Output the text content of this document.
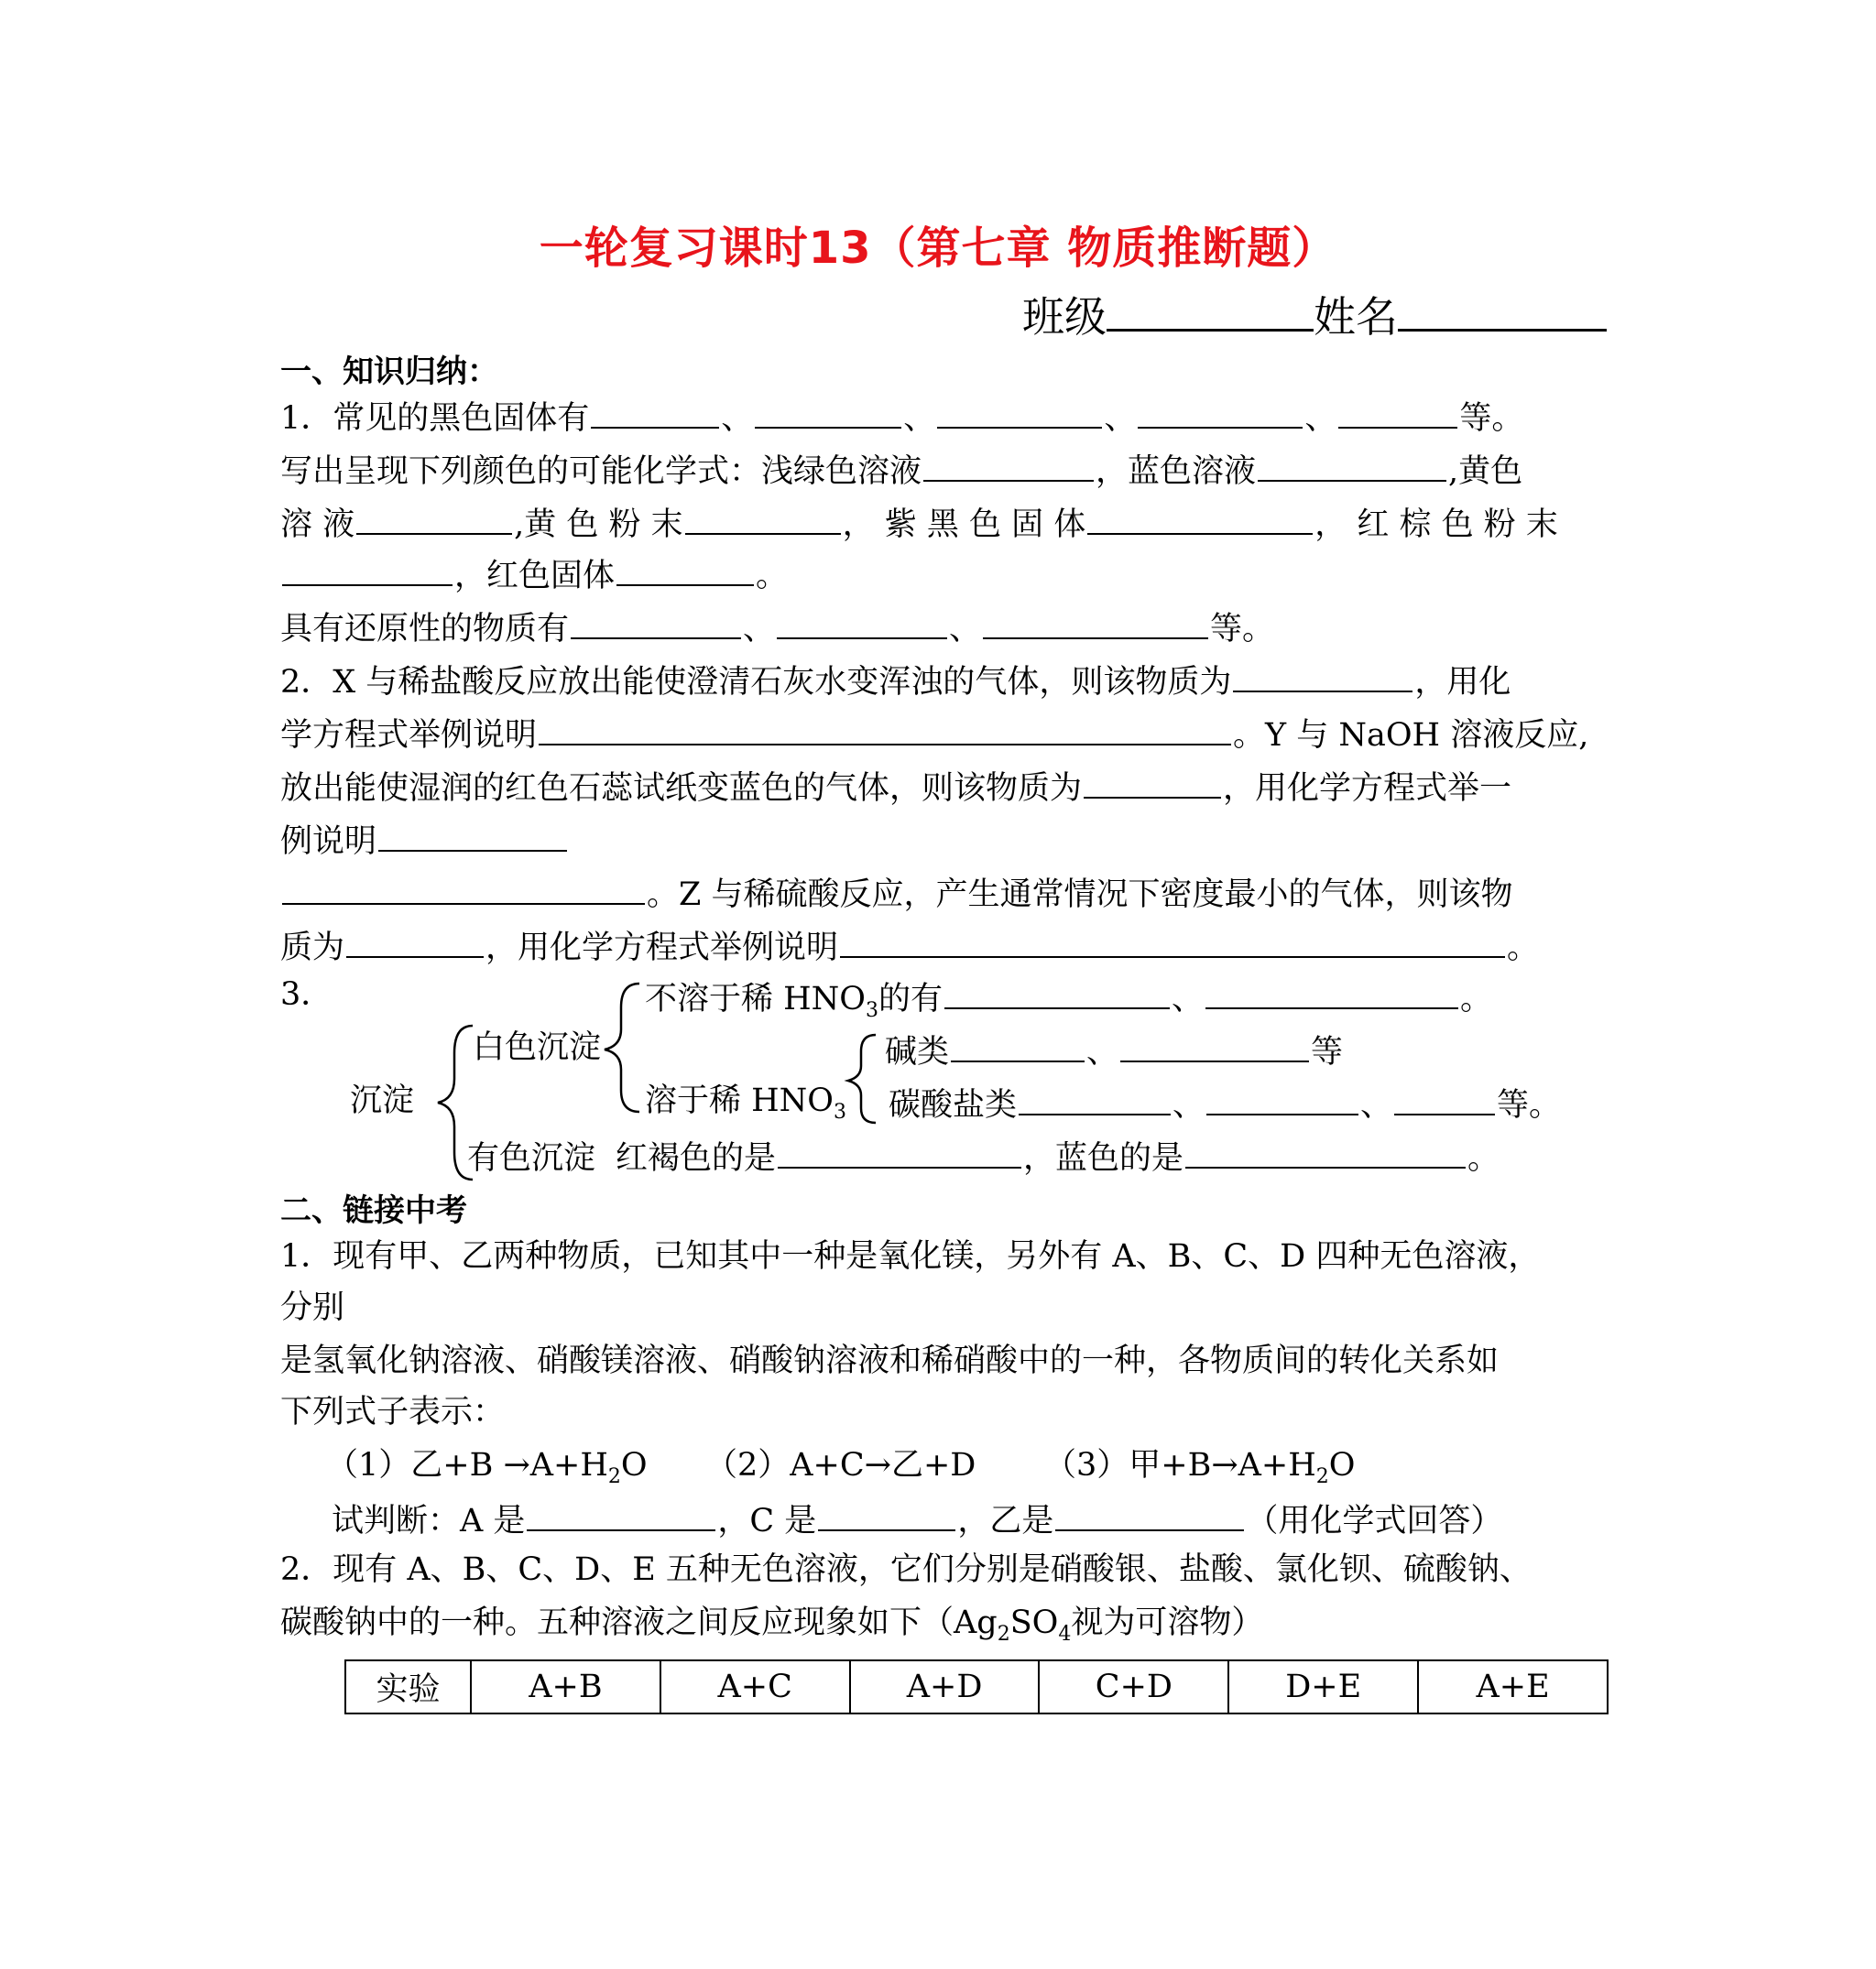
一轮复习课时13（第七章 物质推断题）
班级	姓名
一、知识归纳：
1．常见的黑色固体有	、	、	、	、	等。
写出呈现下列颜色的可能化学式：浅绿色溶液	，蓝色溶液	,黄色
溶 液	,黄 色 粉 末	， 紫 黑 色 固 体	， 红 棕 色 粉 末
，红色固体	。
具有还原性的物质有	、	、	等。
2．X 与稀盐酸反应放出能使澄清石灰水变浑浊的气体，则该物质为	，用化
学方程式举例说明	。Y 与 NaOH 溶液反应,
放出能使湿润的红色石蕊试纸变蓝色的气体，则该物质为	，用化学方程式举一
例说明
。Z 与稀硫酸反应，产生通常情况下密度最小的气体，则该物
质为	，用化学方程式举例说明	。
3．	不溶于稀 $HNO_3$的有	、	。
白色沉淀	碱类	、	等
沉淀	溶于稀 $HNO_3$ 碳酸盐类	、	、	等。
有色沉淀 红褐色的是	，蓝色的是	。
二、链接中考
1．现有甲、乙两种物质，已知其中一种是氧化镁，另外有 A、B、C、D 四种无色溶液，
分别
是氢氧化钠溶液、硝酸镁溶液、硝酸钠溶液和稀硝酸中的一种，各物质间的转化关系如
下列式子表示：
（1）乙$+B \to A+H_2O$ （2）A+C→乙+D （3）甲$+B\to A+H_2O$
试判断：A 是	，C 是	，乙是	（用化学式回答）
2．现有 A、B、C、D、E 五种无色溶液，它们分别是硝酸银、盐酸、氯化钡、硫酸钠、
碳酸钠中的一种。五种溶液之间反应现象如下（$Ag_2SO_4$视为可溶物）
实验	A+B	A+C	A+D	C+D	D+E	A+E
